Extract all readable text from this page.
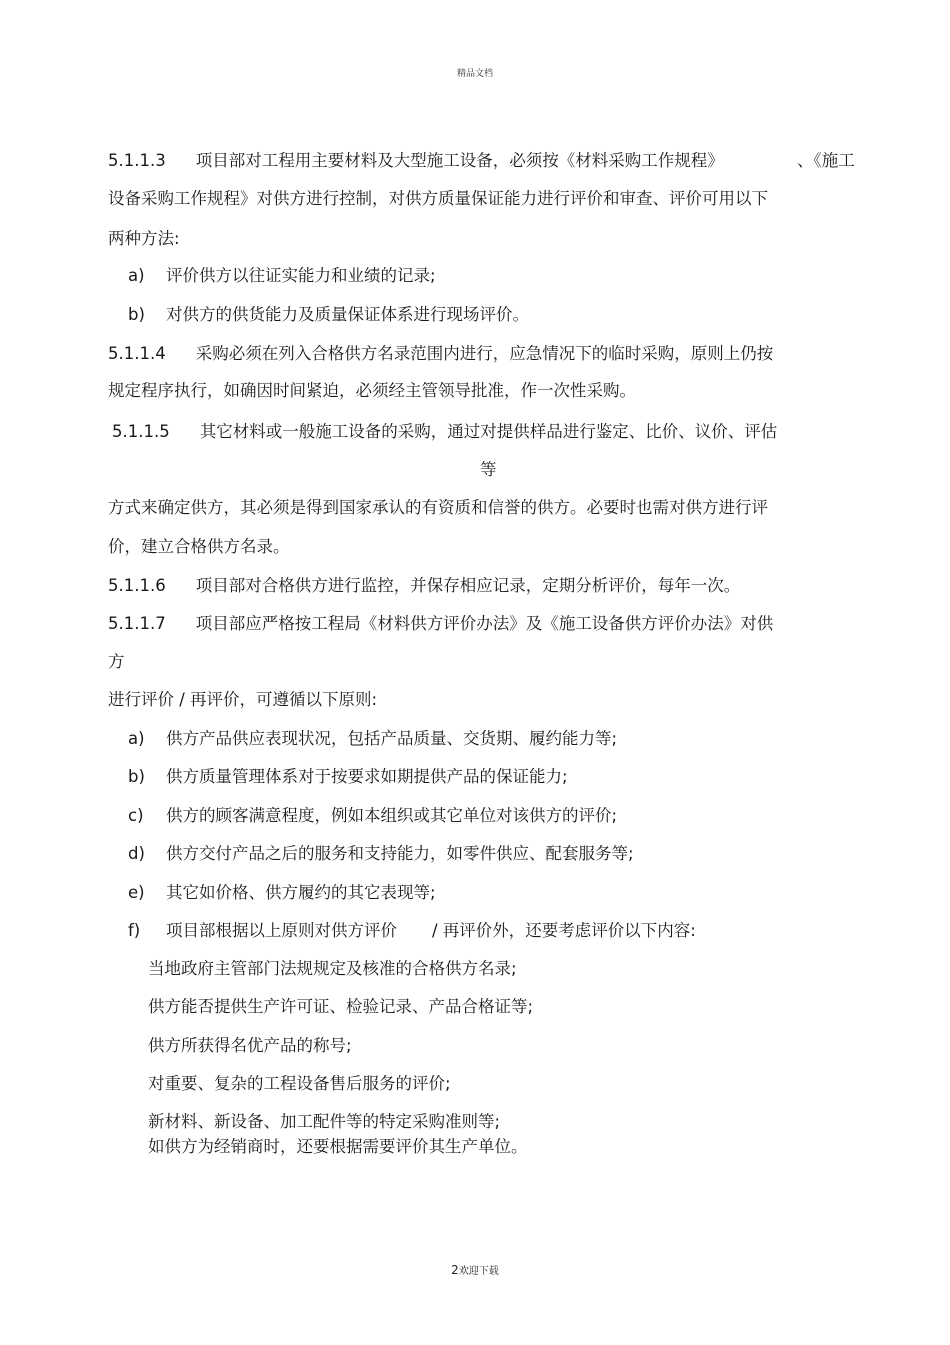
精品文档
5.1.1.3 项目部对工程用主要材料及大型施工设备，必须按《材料采购工作规程》	、《施工
设备采购工作规程》对供方进行控制，对供方质量保证能力进行评价和审查、评价可用以下
两种方法:
a) 评价供方以往证实能力和业绩的记录;
b) 对供方的供货能力及质量保证体系进行现场评价。
5.1.1.4 采购必须在列入合格供方名录范围内进行，应急情况下的临时采购，原则上仍按
规定程序执行，如确因时间紧迫，必须经主管领导批准，作一次性采购。
5.1.1.5 其它材料或一般施工设备的采购，通过对提供样品进行鉴定、比价、议价、评估
等
方式来确定供方，其必须是得到国家承认的有资质和信誉的供方。必要时也需对供方进行评
价，建立合格供方名录。
5.1.1.6 项目部对合格供方进行监控，并保存相应记录，定期分析评价，每年一次。
5.1.1.7 项目部应严格按工程局《材料供方评价办法》及《施工设备供方评价办法》对供
方
进行评价 / 再评价，可遵循以下原则:
a) 供方产品供应表现状况，包括产品质量、交货期、履约能力等;
b) 供方质量管理体系对于按要求如期提供产品的保证能力;
c) 供方的顾客满意程度，例如本组织或其它单位对该供方的评价;
d) 供方交付产品之后的服务和支持能力，如零件供应、配套服务等;
e) 其它如价格、供方履约的其它表现等;
f) 项目部根据以上原则对供方评价 / 再评价外，还要考虑评价以下内容:
当地政府主管部门法规规定及核准的合格供方名录;
供方能否提供生产许可证、检验记录、产品合格证等;
供方所获得名优产品的称号;
对重要、复杂的工程设备售后服务的评价;
新材料、新设备、加工配件等的特定采购准则等;
如供方为经销商时，还要根据需要评价其生产单位。
2欢迎下载
